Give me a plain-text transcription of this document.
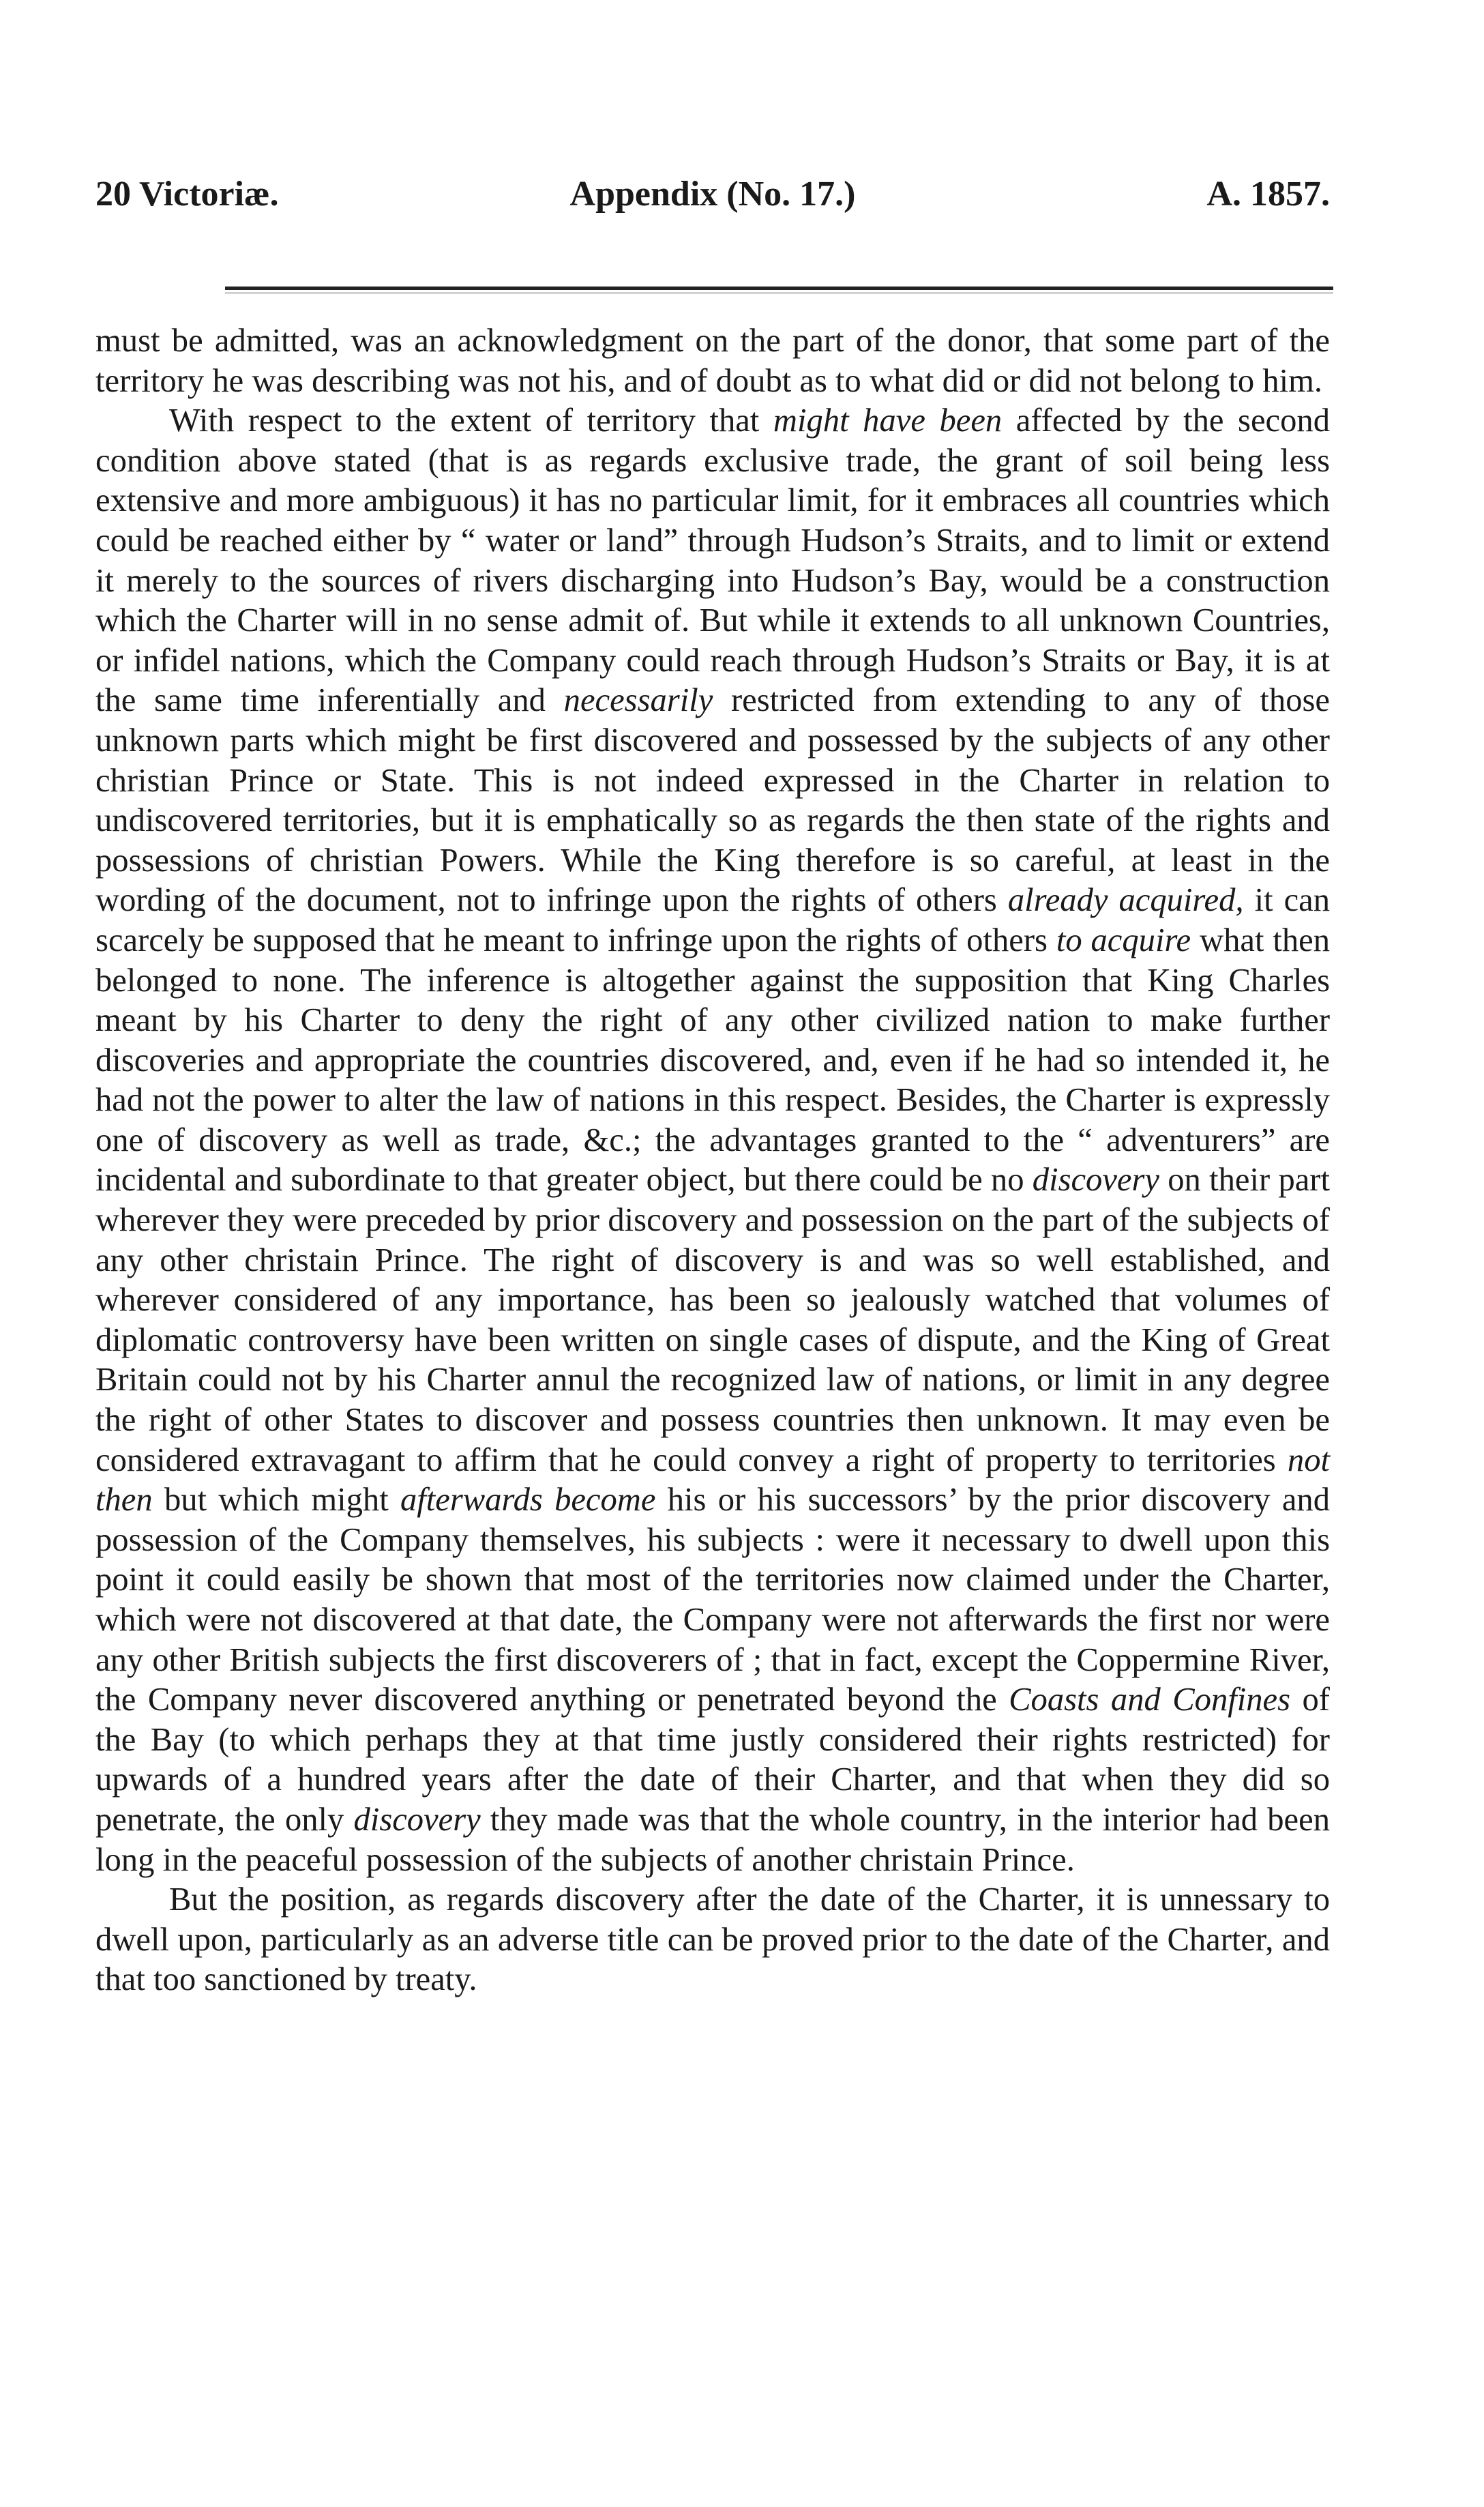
20 Victoriæ.	Appendix (No. 17.)	A. 1857.

must be admitted, was an acknowledgment on the part of the donor, that some part of the territory he was describing was not his, and of doubt as to what did or did not belong to him.

With respect to the extent of territory that might have been affected by the second condition above stated (that is as regards exclusive trade, the grant of soil being less extensive and more ambiguous) it has no particular limit, for it embraces all countries which could be reached either by “ water or land” through Hudson’s Straits, and to limit or extend it merely to the sources of rivers discharging into Hudson’s Bay, would be a construction which the Charter will in no sense admit of. But while it extends to all unknown Countries, or infidel nations, which the Company could reach through Hudson’s Straits or Bay, it is at the same time inferentially and necessarily restricted from extending to any of those unknown parts which might be first discovered and possessed by the subjects of any other christian Prince or State. This is not indeed expressed in the Charter in relation to undiscovered territories, but it is emphatically so as regards the then state of the rights and possessions of christian Powers. While the King therefore is so careful, at least in the wording of the document, not to infringe upon the rights of others already acquired, it can scarcely be supposed that he meant to infringe upon the rights of others to acquire what then belonged to none. The inference is altogether against the supposition that King Charles meant by his Charter to deny the right of any other civilized nation to make further discoveries and appropriate the countries discovered, and, even if he had so intended it, he had not the power to alter the law of nations in this respect. Besides, the Charter is expressly one of discovery as well as trade, &c.; the advantages granted to the “ adventurers” are incidental and subordinate to that greater object, but there could be no discovery on their part wherever they were preceded by prior discovery and possession on the part of the subjects of any other christain Prince. The right of discovery is and was so well established, and wherever considered of any importance, has been so jealously watched that volumes of diplomatic controversy have been written on single cases of dispute, and the King of Great Britain could not by his Charter annul the recognized law of nations, or limit in any degree the right of other States to discover and possess countries then unknown. It may even be considered extravagant to affirm that he could convey a right of property to territories not then but which might afterwards become his or his successors’ by the prior discovery and possession of the Company themselves, his subjects : were it necessary to dwell upon this point it could easily be shown that most of the territories now claimed under the Charter, which were not discovered at that date, the Company were not afterwards the first nor were any other British subjects the first discoverers of ; that in fact, except the Coppermine River, the Company never discovered anything or penetrated beyond the Coasts and Confines of the Bay (to which perhaps they at that time justly considered their rights restricted) for upwards of a hundred years after the date of their Charter, and that when they did so penetrate, the only discovery they made was that the whole country, in the interior had been long in the peaceful possession of the subjects of another christain Prince.

But the position, as regards discovery after the date of the Charter, it is unnessary to dwell upon, particularly as an adverse title can be proved prior to the date of the Charter, and that too sanctioned by treaty.
